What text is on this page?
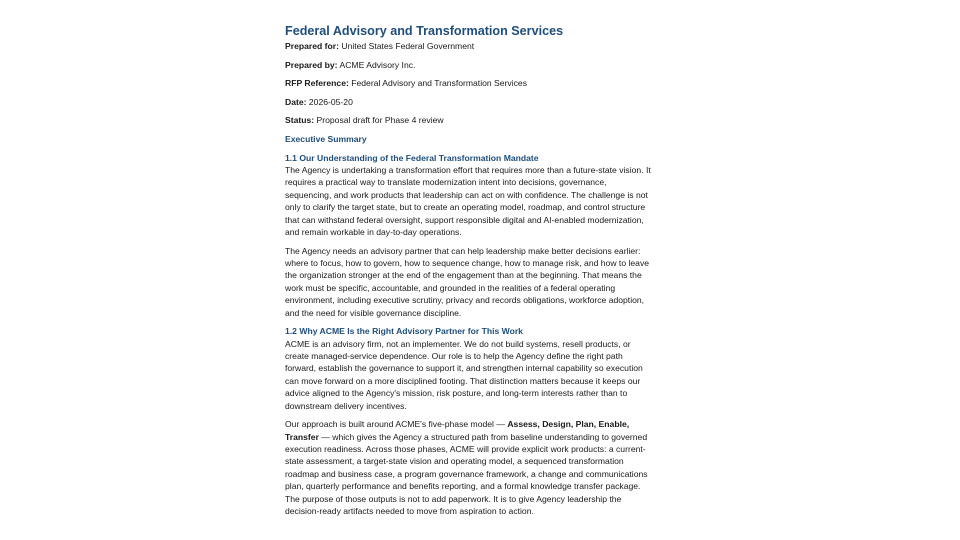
Federal Advisory and Transformation Services
Prepared for: United States Federal Government
Prepared by: ACME Advisory Inc.
RFP Reference: Federal Advisory and Transformation Services
Date: 2026-05-20
Status: Proposal draft for Phase 4 review
Executive Summary
1.1 Our Understanding of the Federal Transformation Mandate

The Agency is undertaking a transformation effort that requires more than a future-state vision. It requires a practical way to translate modernization intent into decisions, governance, sequencing, and work products that leadership can act on with confidence. The challenge is not only to clarify the target state, but to create an operating model, roadmap, and control structure that can withstand federal oversight, support responsible digital and AI-enabled modernization, and remain workable in day-to-day operations.

The Agency needs an advisory partner that can help leadership make better decisions earlier: where to focus, how to govern, how to sequence change, how to manage risk, and how to leave the organization stronger at the end of the engagement than at the beginning. That means the work must be specific, accountable, and grounded in the realities of a federal operating environment, including executive scrutiny, privacy and records obligations, workforce adoption, and the need for visible governance discipline.

1.2 Why ACME Is the Right Advisory Partner for This Work

ACME is an advisory firm, not an implementer. We do not build systems, resell products, or create managed-service dependence. Our role is to help the Agency define the right path forward, establish the governance to support it, and strengthen internal capability so execution can move forward on a more disciplined footing. That distinction matters because it keeps our advice aligned to the Agency's mission, risk posture, and long-term interests rather than to downstream delivery incentives.

Our approach is built around ACME's five-phase model — Assess, Design, Plan, Enable, Transfer — which gives the Agency a structured path from baseline understanding to governed execution readiness. Across those phases, ACME will provide explicit work products: a current-state assessment, a target-state vision and operating model, a sequenced transformation roadmap and business case, a program governance framework, a change and communications plan, quarterly performance and benefits reporting, and a formal knowledge transfer package. The purpose of those outputs is not to add paperwork. It is to give Agency leadership the decision-ready artifacts needed to move from aspiration to action.
